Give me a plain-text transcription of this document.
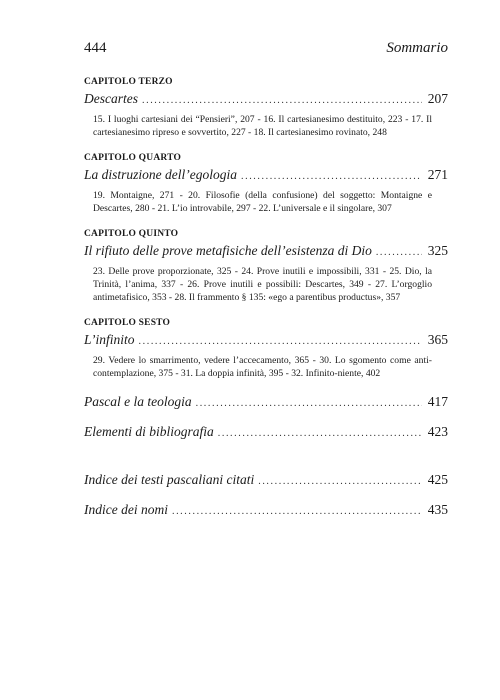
444	Sommario
CAPITOLO TERZO
Descartes .....	207
15. I luoghi cartesiani dei “Pensieri”, 207 - 16. Il cartesianesimo destituito, 223 - 17. Il cartesianesimo ripreso e sovvertito, 227 - 18. Il cartesianesimo rovinato, 248
CAPITOLO QUARTO
La distruzione dell’egologia .....	271
19. Montaigne, 271 - 20. Filosofie (della confusione) del soggetto: Montaigne e Descartes, 280 - 21. L’io introvabile, 297 - 22. L’universale e il singolare, 307
CAPITOLO QUINTO
Il rifiuto delle prove metafisiche dell’esistenza di Dio .....	325
23. Delle prove proporzionate, 325 - 24. Prove inutili e impossibili, 331 - 25. Dio, la Trinità, l’anima, 337 - 26. Prove inutili e possibili: Descartes, 349 - 27. L’orgoglio antimetafisico, 353 - 28. Il frammento § 135: «ego a parentibus productus», 357
CAPITOLO SESTO
L’infinito .....	365
29. Vedere lo smarrimento, vedere l’accecamento, 365 - 30. Lo sgomento come anti-contemplazione, 375 - 31. La doppia infinità, 395 - 32. Infinito-niente, 402
Pascal e la teologia .....	417
Elementi di bibliografia .....	423
Indice dei testi pascaliani citati .....	425
Indice dei nomi .....	435
